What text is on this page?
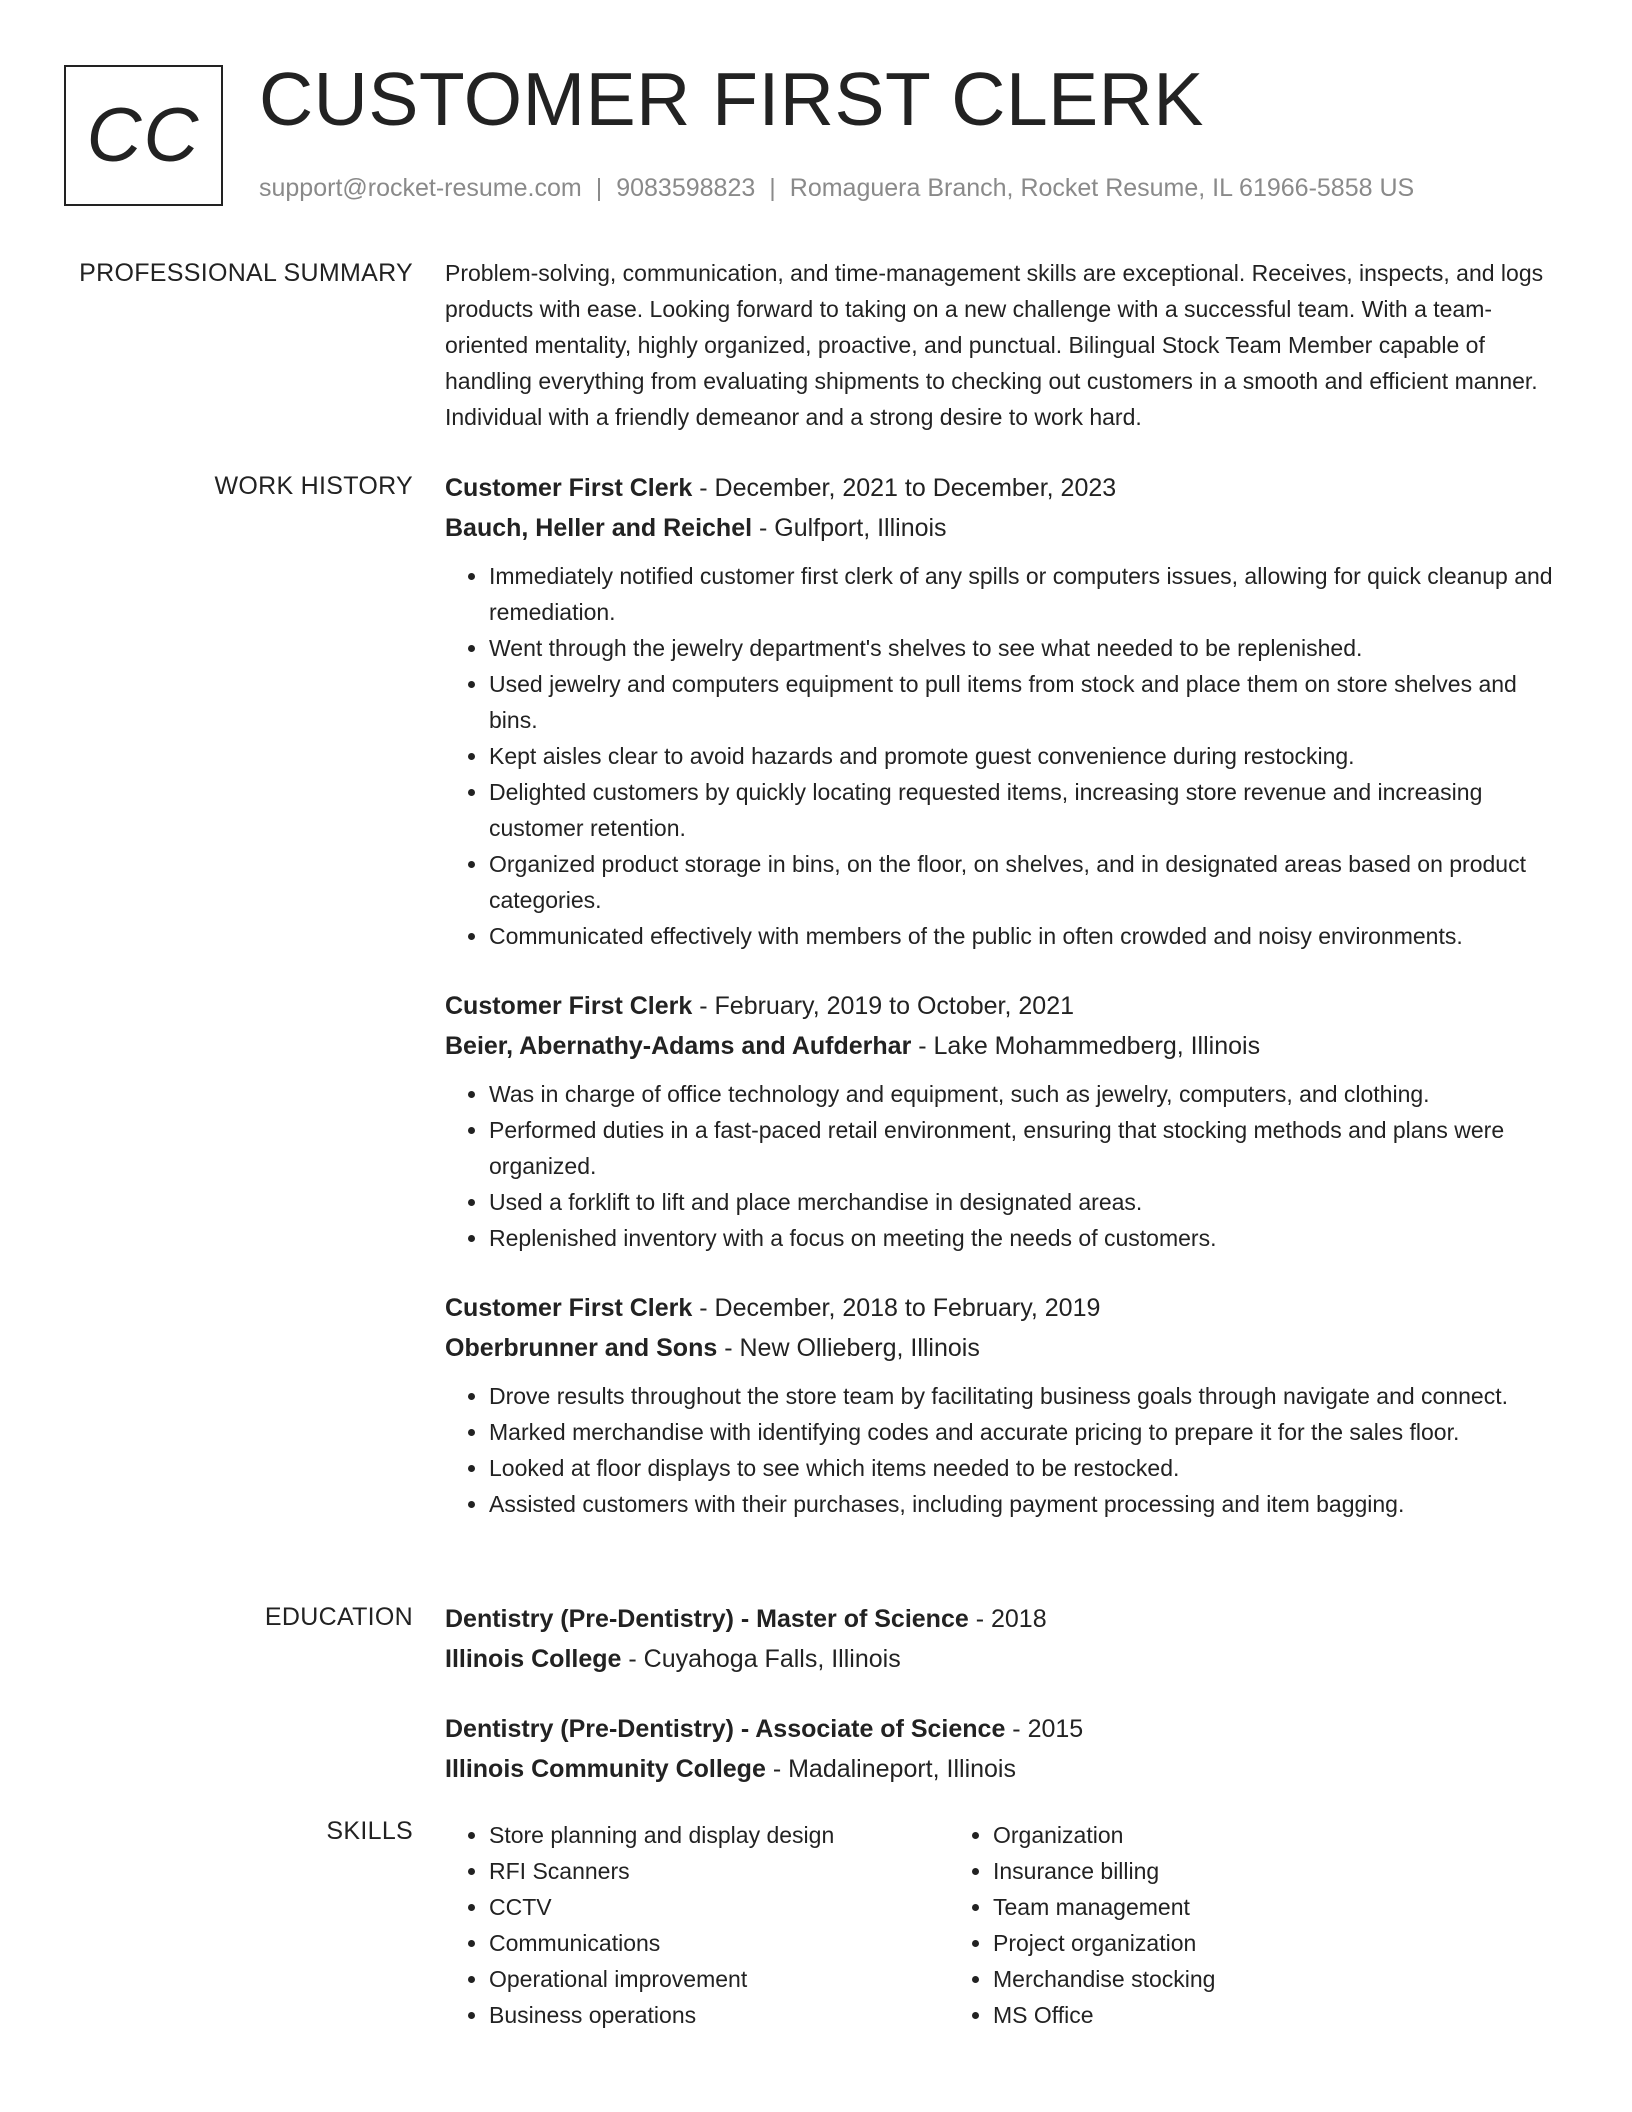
CC CUSTOMER FIRST CLERK
support@rocket-resume.com | 9083598823 | Romaguera Branch, Rocket Resume, IL 61966-5858 US
PROFESSIONAL SUMMARY Problem-solving, communication, and time-management skills are exceptional. Receives, inspects, and logs products with ease. Looking forward to taking on a new challenge with a successful team. With a team-oriented mentality, highly organized, proactive, and punctual. Bilingual Stock Team Member capable of handling everything from evaluating shipments to checking out customers in a smooth and efficient manner. Individual with a friendly demeanor and a strong desire to work hard.

WORK HISTORY Customer First Clerk - December, 2021 to December, 2023
Bauch, Heller and Reichel - Gulfport, Illinois
• Immediately notified customer first clerk of any spills or computers issues, allowing for quick cleanup and remediation.
• Went through the jewelry department's shelves to see what needed to be replenished.
• Used jewelry and computers equipment to pull items from stock and place them on store shelves and bins.
• Kept aisles clear to avoid hazards and promote guest convenience during restocking.
• Delighted customers by quickly locating requested items, increasing store revenue and increasing customer retention.
• Organized product storage in bins, on the floor, on shelves, and in designated areas based on product categories.
• Communicated effectively with members of the public in often crowded and noisy environments.
Customer First Clerk - February, 2019 to October, 2021
Beier, Abernathy-Adams and Aufderhar - Lake Mohammedberg, Illinois
• Was in charge of office technology and equipment, such as jewelry, computers, and clothing.
• Performed duties in a fast-paced retail environment, ensuring that stocking methods and plans were organized.
• Used a forklift to lift and place merchandise in designated areas.
• Replenished inventory with a focus on meeting the needs of customers.
Customer First Clerk - December, 2018 to February, 2019
Oberbrunner and Sons - New Ollieberg, Illinois
• Drove results throughout the store team by facilitating business goals through navigate and connect.
• Marked merchandise with identifying codes and accurate pricing to prepare it for the sales floor.
• Looked at floor displays to see which items needed to be restocked.
• Assisted customers with their purchases, including payment processing and item bagging.
EDUCATION Dentistry (Pre-Dentistry) - Master of Science - 2018
Illinois College - Cuyahoga Falls, Illinois
Dentistry (Pre-Dentistry) - Associate of Science - 2015
Illinois Community College - Madalineport, Illinois
SKILLS
•	Store planning and display design
• RFI Scanners
• CCTV
• Communications
• Operational improvement
• Business operations
• Organization
• Insurance billing
• Team management
• Project organization
• Merchandise stocking
• MS Office
